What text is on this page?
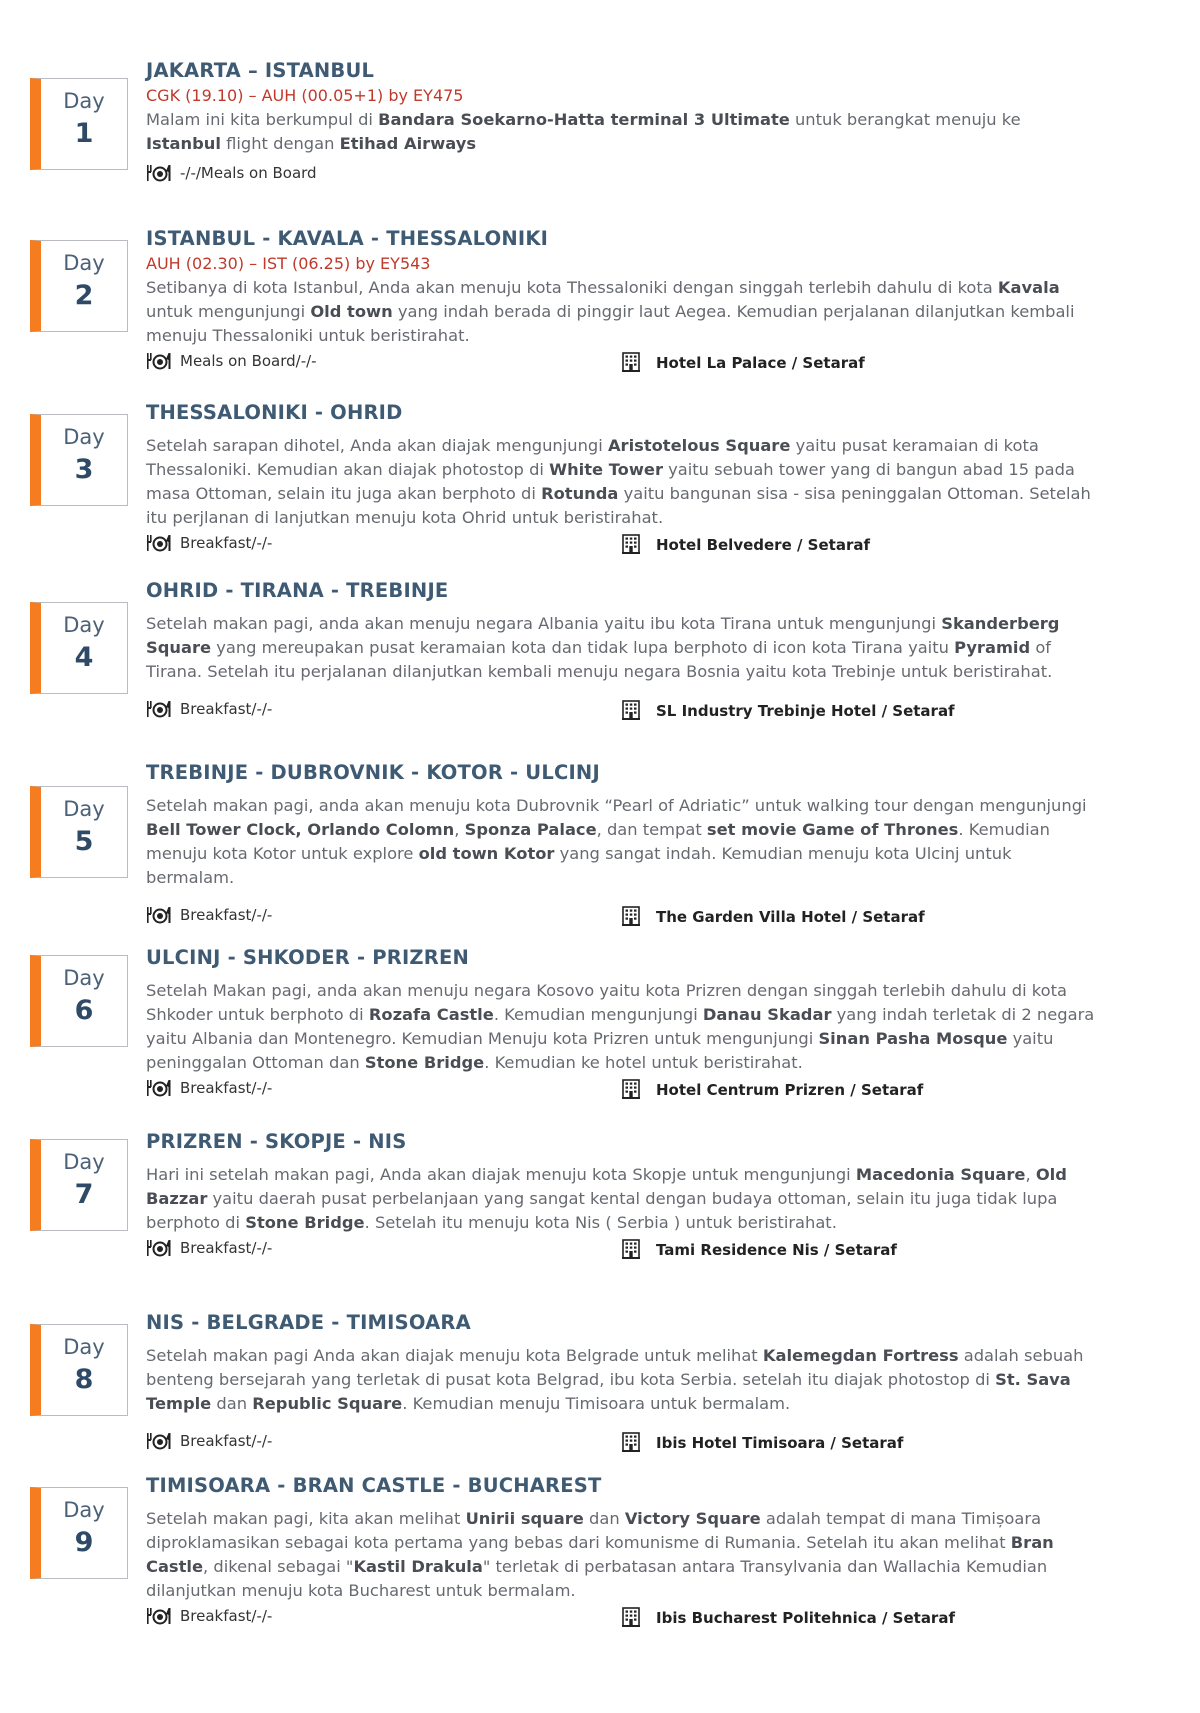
Day
1
JAKARTA – ISTANBUL
CGK (19.10) – AUH (00.05+1) by EY475
Malam ini kita berkumpul di Bandara Soekarno-Hatta terminal 3 Ultimate untuk berangkat menuju ke Istanbul flight dengan Etihad Airways
-/-/Meals on Board
Day
2
ISTANBUL - KAVALA - THESSALONIKI
AUH (02.30) – IST (06.25) by EY543
Setibanya di kota Istanbul, Anda akan menuju kota Thessaloniki dengan singgah terlebih dahulu di kota Kavala untuk mengunjungi Old town yang indah berada di pinggir laut Aegea. Kemudian perjalanan dilanjutkan kembali menuju Thessaloniki untuk beristirahat.
Meals on Board/-/-	Hotel La Palace / Setaraf
Day
3
THESSALONIKI - OHRID
Setelah sarapan dihotel, Anda akan diajak mengunjungi Aristotelous Square yaitu pusat keramaian di kota Thessaloniki. Kemudian akan diajak photostop di White Tower yaitu sebuah tower yang di bangun abad 15 pada masa Ottoman, selain itu juga akan berphoto di Rotunda yaitu bangunan sisa - sisa peninggalan Ottoman. Setelah itu perjlanan di lanjutkan menuju kota Ohrid untuk beristirahat.
Breakfast/-/-	Hotel Belvedere / Setaraf
Day
4
OHRID - TIRANA - TREBINJE
Setelah makan pagi, anda akan menuju negara Albania yaitu ibu kota Tirana untuk mengunjungi Skanderberg Square yang mereupakan pusat keramaian kota dan tidak lupa berphoto di icon kota Tirana yaitu Pyramid of Tirana. Setelah itu perjalanan dilanjutkan kembali menuju negara Bosnia yaitu kota Trebinje untuk beristirahat.
Breakfast/-/-	SL Industry Trebinje Hotel / Setaraf
Day
5
TREBINJE - DUBROVNIK - KOTOR - ULCINJ
Setelah makan pagi, anda akan menuju kota Dubrovnik “Pearl of Adriatic” untuk walking tour dengan mengunjungi Bell Tower Clock, Orlando Colomn, Sponza Palace, dan tempat set movie Game of Thrones. Kemudian menuju kota Kotor untuk explore old town Kotor yang sangat indah. Kemudian menuju kota Ulcinj untuk bermalam.
Breakfast/-/-	The Garden Villa Hotel / Setaraf
Day
6
ULCINJ - SHKODER - PRIZREN
Setelah Makan pagi, anda akan menuju negara Kosovo yaitu kota Prizren dengan singgah terlebih dahulu di kota Shkoder untuk berphoto di Rozafa Castle. Kemudian mengunjungi Danau Skadar yang indah terletak di 2 negara yaitu Albania dan Montenegro. Kemudian Menuju kota Prizren untuk mengunjungi Sinan Pasha Mosque yaitu peninggalan Ottoman dan Stone Bridge. Kemudian ke hotel untuk beristirahat.
Breakfast/-/-	Hotel Centrum Prizren / Setaraf
Day
7
PRIZREN - SKOPJE - NIS
Hari ini setelah makan pagi, Anda akan diajak menuju kota Skopje untuk mengunjungi Macedonia Square, Old Bazzar yaitu daerah pusat perbelanjaan yang sangat kental dengan budaya ottoman, selain itu juga tidak lupa berphoto di Stone Bridge. Setelah itu menuju kota Nis ( Serbia ) untuk beristirahat.
Breakfast/-/-	Tami Residence Nis / Setaraf
Day
8
NIS - BELGRADE - TIMISOARA
Setelah makan pagi Anda akan diajak menuju kota Belgrade untuk melihat Kalemegdan Fortress adalah sebuah benteng bersejarah yang terletak di pusat kota Belgrad, ibu kota Serbia. setelah itu diajak photostop di St. Sava Temple dan Republic Square. Kemudian menuju Timisoara untuk bermalam.
Breakfast/-/-	Ibis Hotel Timisoara / Setaraf
Day
9
TIMISOARA - BRAN CASTLE - BUCHAREST
Setelah makan pagi, kita akan melihat Unirii square dan Victory Square adalah tempat di mana Timișoara diproklamasikan sebagai kota pertama yang bebas dari komunisme di Rumania. Setelah itu akan melihat Bran Castle, dikenal sebagai "Kastil Drakula" terletak di perbatasan antara Transylvania dan Wallachia Kemudian dilanjutkan menuju kota Bucharest untuk bermalam.
Breakfast/-/-	Ibis Bucharest Politehnica / Setaraf
